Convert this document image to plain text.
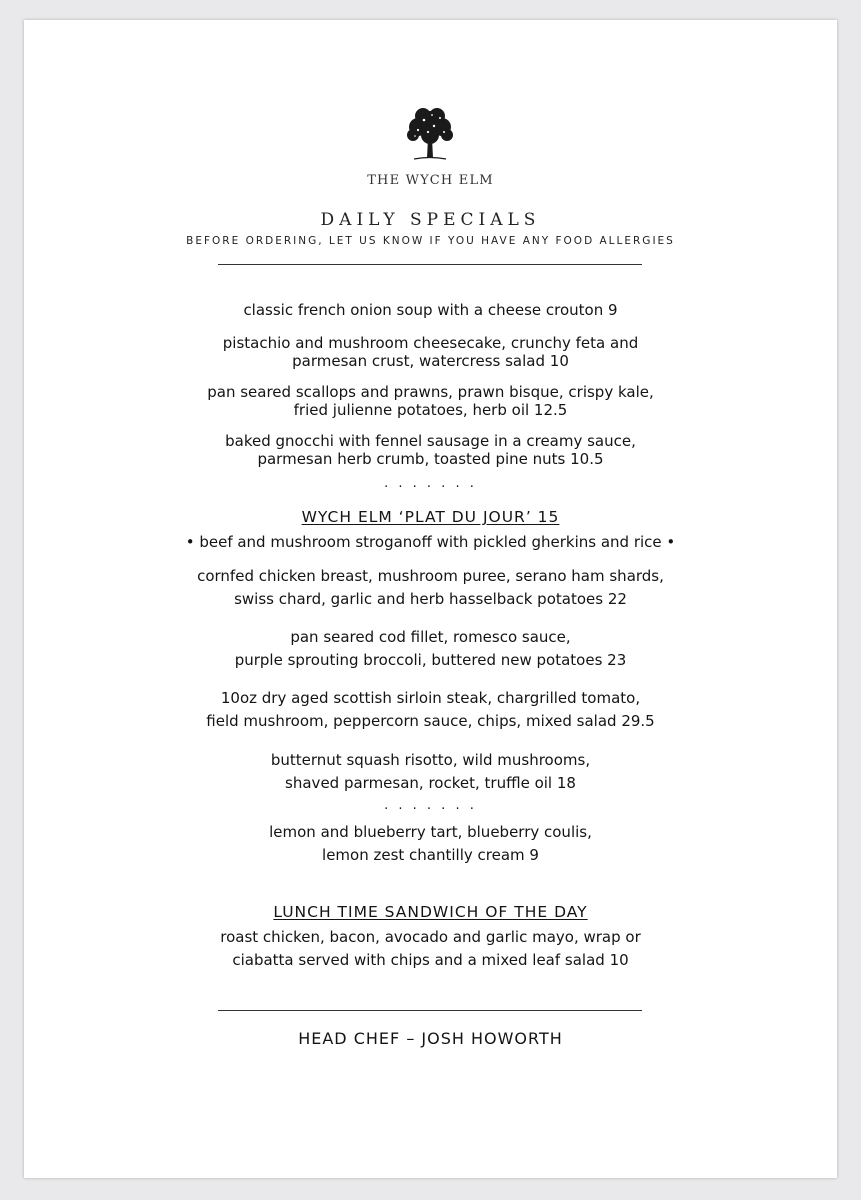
THE WYCH ELM
DAILY SPECIALS
BEFORE ORDERING, LET US KNOW IF YOU HAVE ANY FOOD ALLERGIES
classic french onion soup with a cheese crouton 9
pistachio and mushroom cheesecake, crunchy feta and
parmesan crust, watercress salad 10
pan seared scallops and prawns, prawn bisque, crispy kale,
fried julienne potatoes, herb oil 12.5
baked gnocchi with fennel sausage in a creamy sauce,
parmesan herb crumb, toasted pine nuts 10.5
. . . . . . .
WYCH ELM ‘PLAT DU JOUR’ 15
• beef and mushroom stroganoff with pickled gherkins and rice •
cornfed chicken breast, mushroom puree, serano ham shards,
swiss chard, garlic and herb hasselback potatoes 22
pan seared cod fillet, romesco sauce,
purple sprouting broccoli, buttered new potatoes 23
10oz dry aged scottish sirloin steak, chargrilled tomato,
field mushroom, peppercorn sauce, chips, mixed salad 29.5
butternut squash risotto, wild mushrooms,
shaved parmesan, rocket, truffle oil 18
. . . . . . .
lemon and blueberry tart, blueberry coulis,
lemon zest chantilly cream 9
LUNCH TIME SANDWICH OF THE DAY
roast chicken, bacon, avocado and garlic mayo, wrap or
ciabatta served with chips and a mixed leaf salad 10
HEAD CHEF – JOSH HOWORTH
